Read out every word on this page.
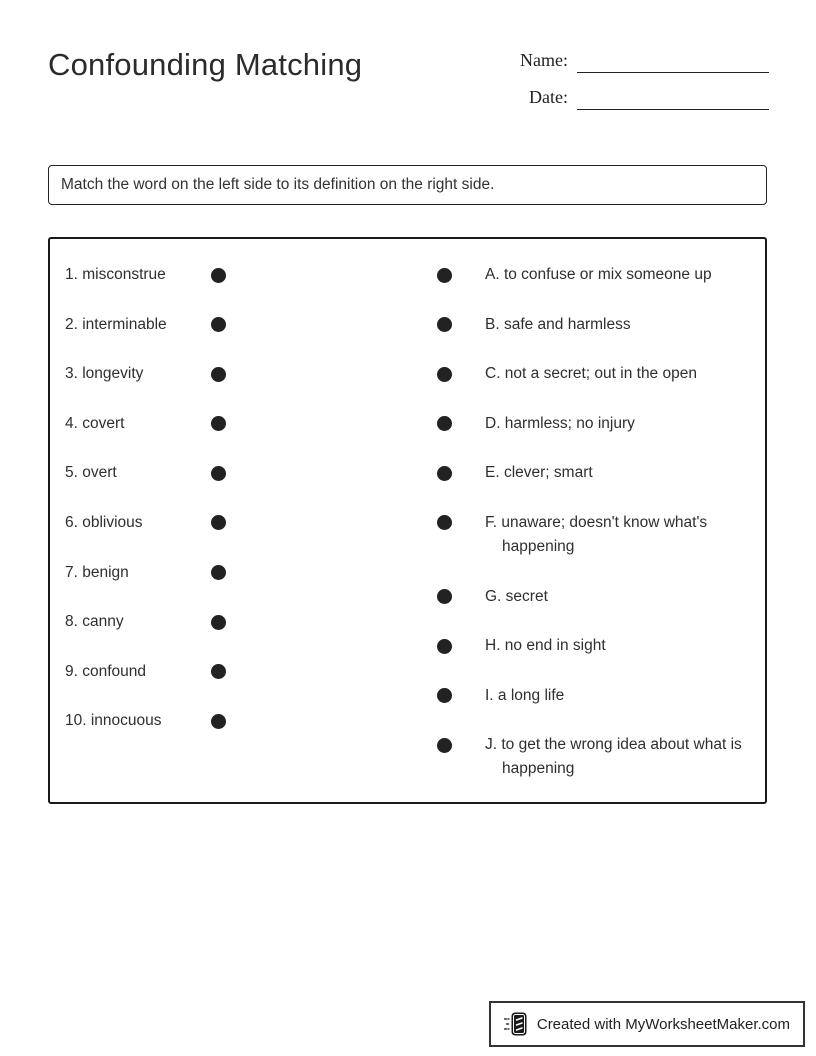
Confounding Matching	Name:
Date:
Match the word on the left side to its definition on the right side.
1. misconstrue
2. interminable
3. longevity
4. covert
5. overt
6. oblivious
7. benign
8. canny
9. confound
10. innocuous
A. to confuse or mix someone up
B. safe and harmless
C. not a secret; out in the open
D. harmless; no injury
E. clever; smart
F. unaware; doesn't know what's happening
G. secret
H. no end in sight
I. a long life
J. to get the wrong idea about what is happening
Created with MyWorksheetMaker.com
